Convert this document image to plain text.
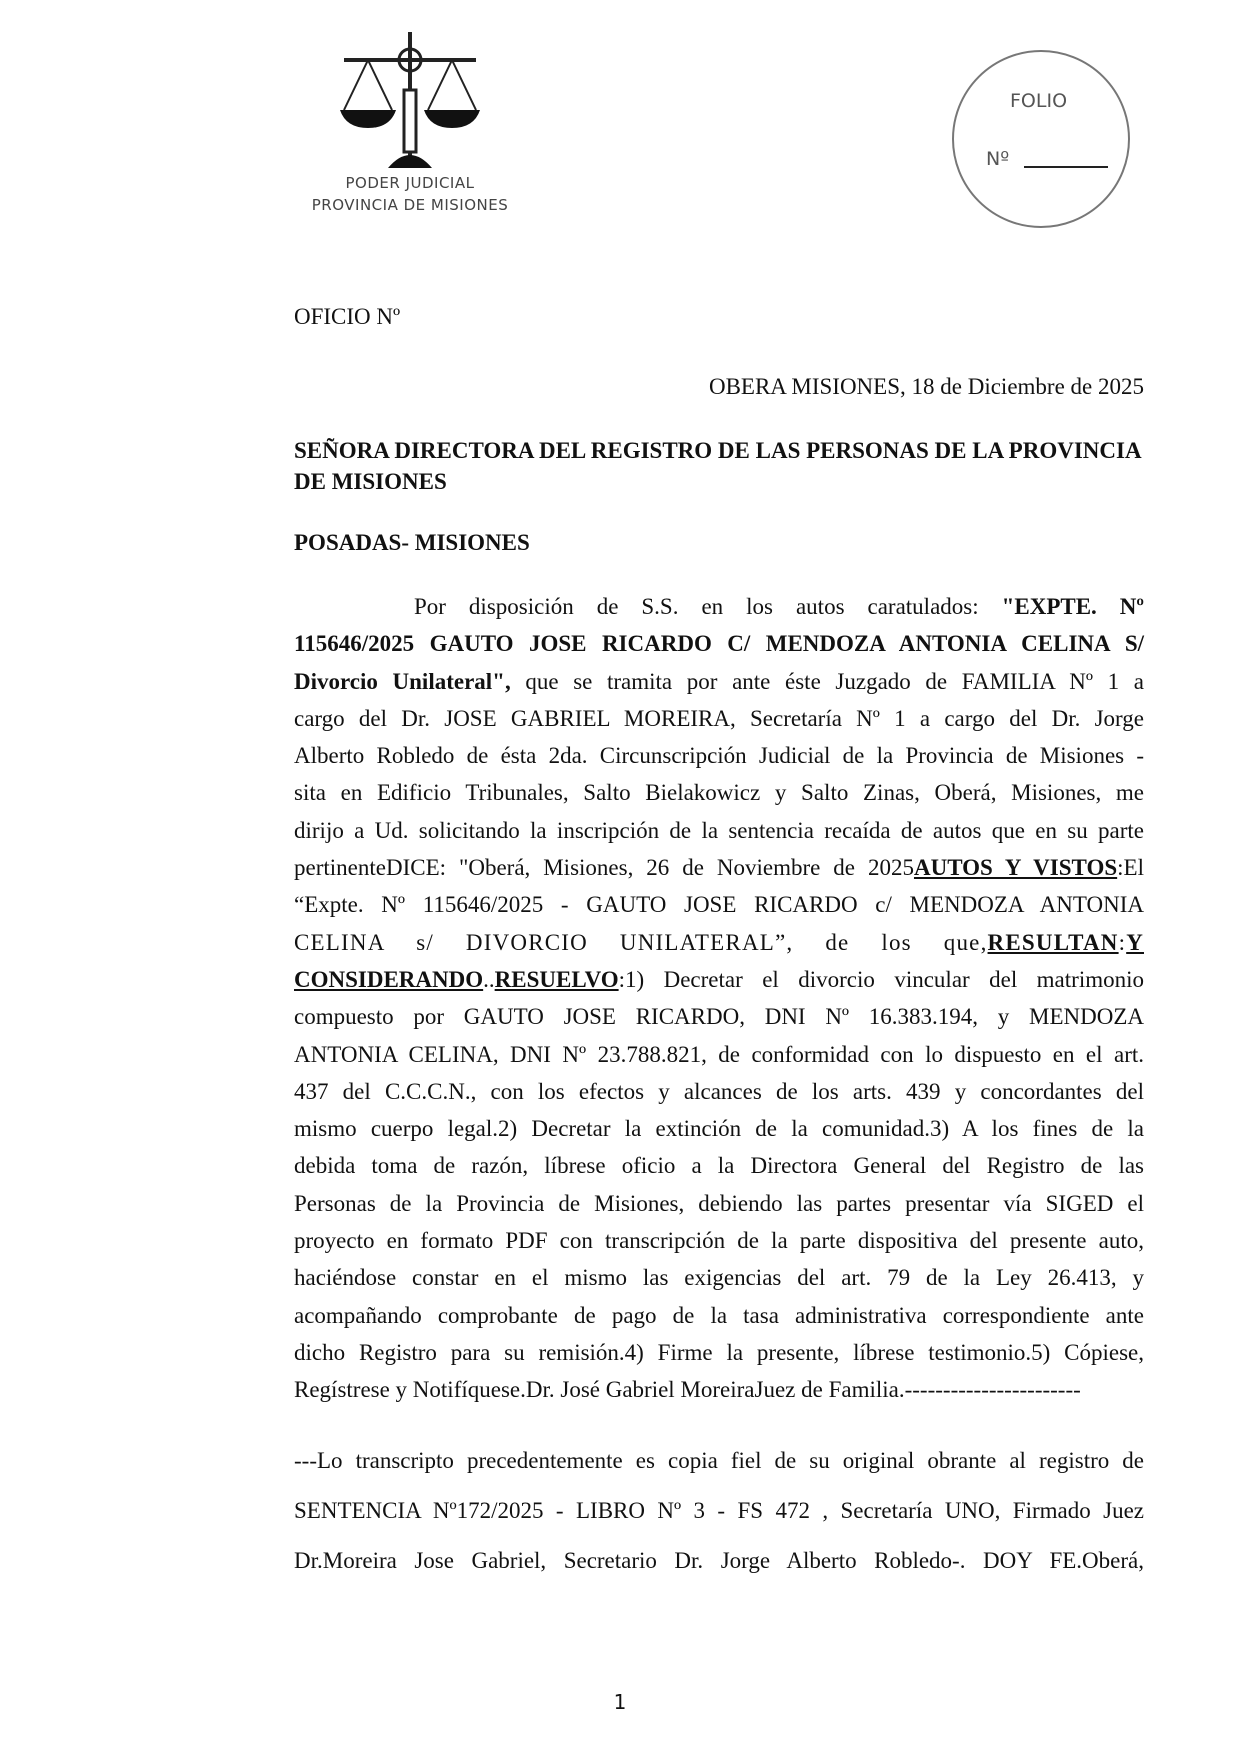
PODER JUDICIAL
PROVINCIA DE MISIONES
FOLIO
Nº
OFICIO Nº
OBERA MISIONES, 18 de Diciembre de 2025
SEÑORA DIRECTORA DEL REGISTRO DE LAS PERSONAS DE LA PROVINCIA
DE MISIONES
POSADAS- MISIONES
Por disposición de S.S. en los autos caratulados: "EXPTE. Nº
115646/2025 GAUTO JOSE RICARDO C/ MENDOZA ANTONIA CELINA S/
Divorcio Unilateral", que se tramita por ante éste Juzgado de FAMILIA Nº 1 a
cargo del Dr. JOSE GABRIEL MOREIRA, Secretaría Nº 1 a cargo del Dr. Jorge
Alberto Robledo de ésta 2da. Circunscripción Judicial de la Provincia de Misiones -
sita en Edificio Tribunales, Salto Bielakowicz y Salto Zinas, Oberá, Misiones, me
dirijo a Ud. solicitando la inscripción de la sentencia recaída de autos que en su parte
pertinenteDICE: "Oberá, Misiones, 26 de Noviembre de 2025AUTOS Y VISTOS:El
“Expte. Nº 115646/2025 - GAUTO JOSE RICARDO c/ MENDOZA ANTONIA
CELINA s/ DIVORCIO UNILATERAL”, de los que,RESULTAN:Y
CONSIDERANDO..RESUELVO:1) Decretar el divorcio vincular del matrimonio
compuesto por GAUTO JOSE RICARDO, DNI Nº 16.383.194, y MENDOZA
ANTONIA CELINA, DNI Nº 23.788.821, de conformidad con lo dispuesto en el art.
437 del C.C.C.N., con los efectos y alcances de los arts. 439 y concordantes del
mismo cuerpo legal.2) Decretar la extinción de la comunidad.3) A los fines de la
debida toma de razón, líbrese oficio a la Directora General del Registro de las
Personas de la Provincia de Misiones, debiendo las partes presentar vía SIGED el
proyecto en formato PDF con transcripción de la parte dispositiva del presente auto,
haciéndose constar en el mismo las exigencias del art. 79 de la Ley 26.413, y
acompañando comprobante de pago de la tasa administrativa correspondiente ante
dicho Registro para su remisión.4) Firme la presente, líbrese testimonio.5) Cópiese,
Regístrese y Notifíquese.Dr. José Gabriel MoreiraJuez de Familia.-----------------------
---Lo transcripto precedentemente es copia fiel de su original obrante al registro de
SENTENCIA Nº172/2025 - LIBRO Nº 3 - FS 472 , Secretaría UNO, Firmado Juez
Dr.Moreira Jose Gabriel, Secretario Dr. Jorge Alberto Robledo-. DOY FE.Oberá,
1
